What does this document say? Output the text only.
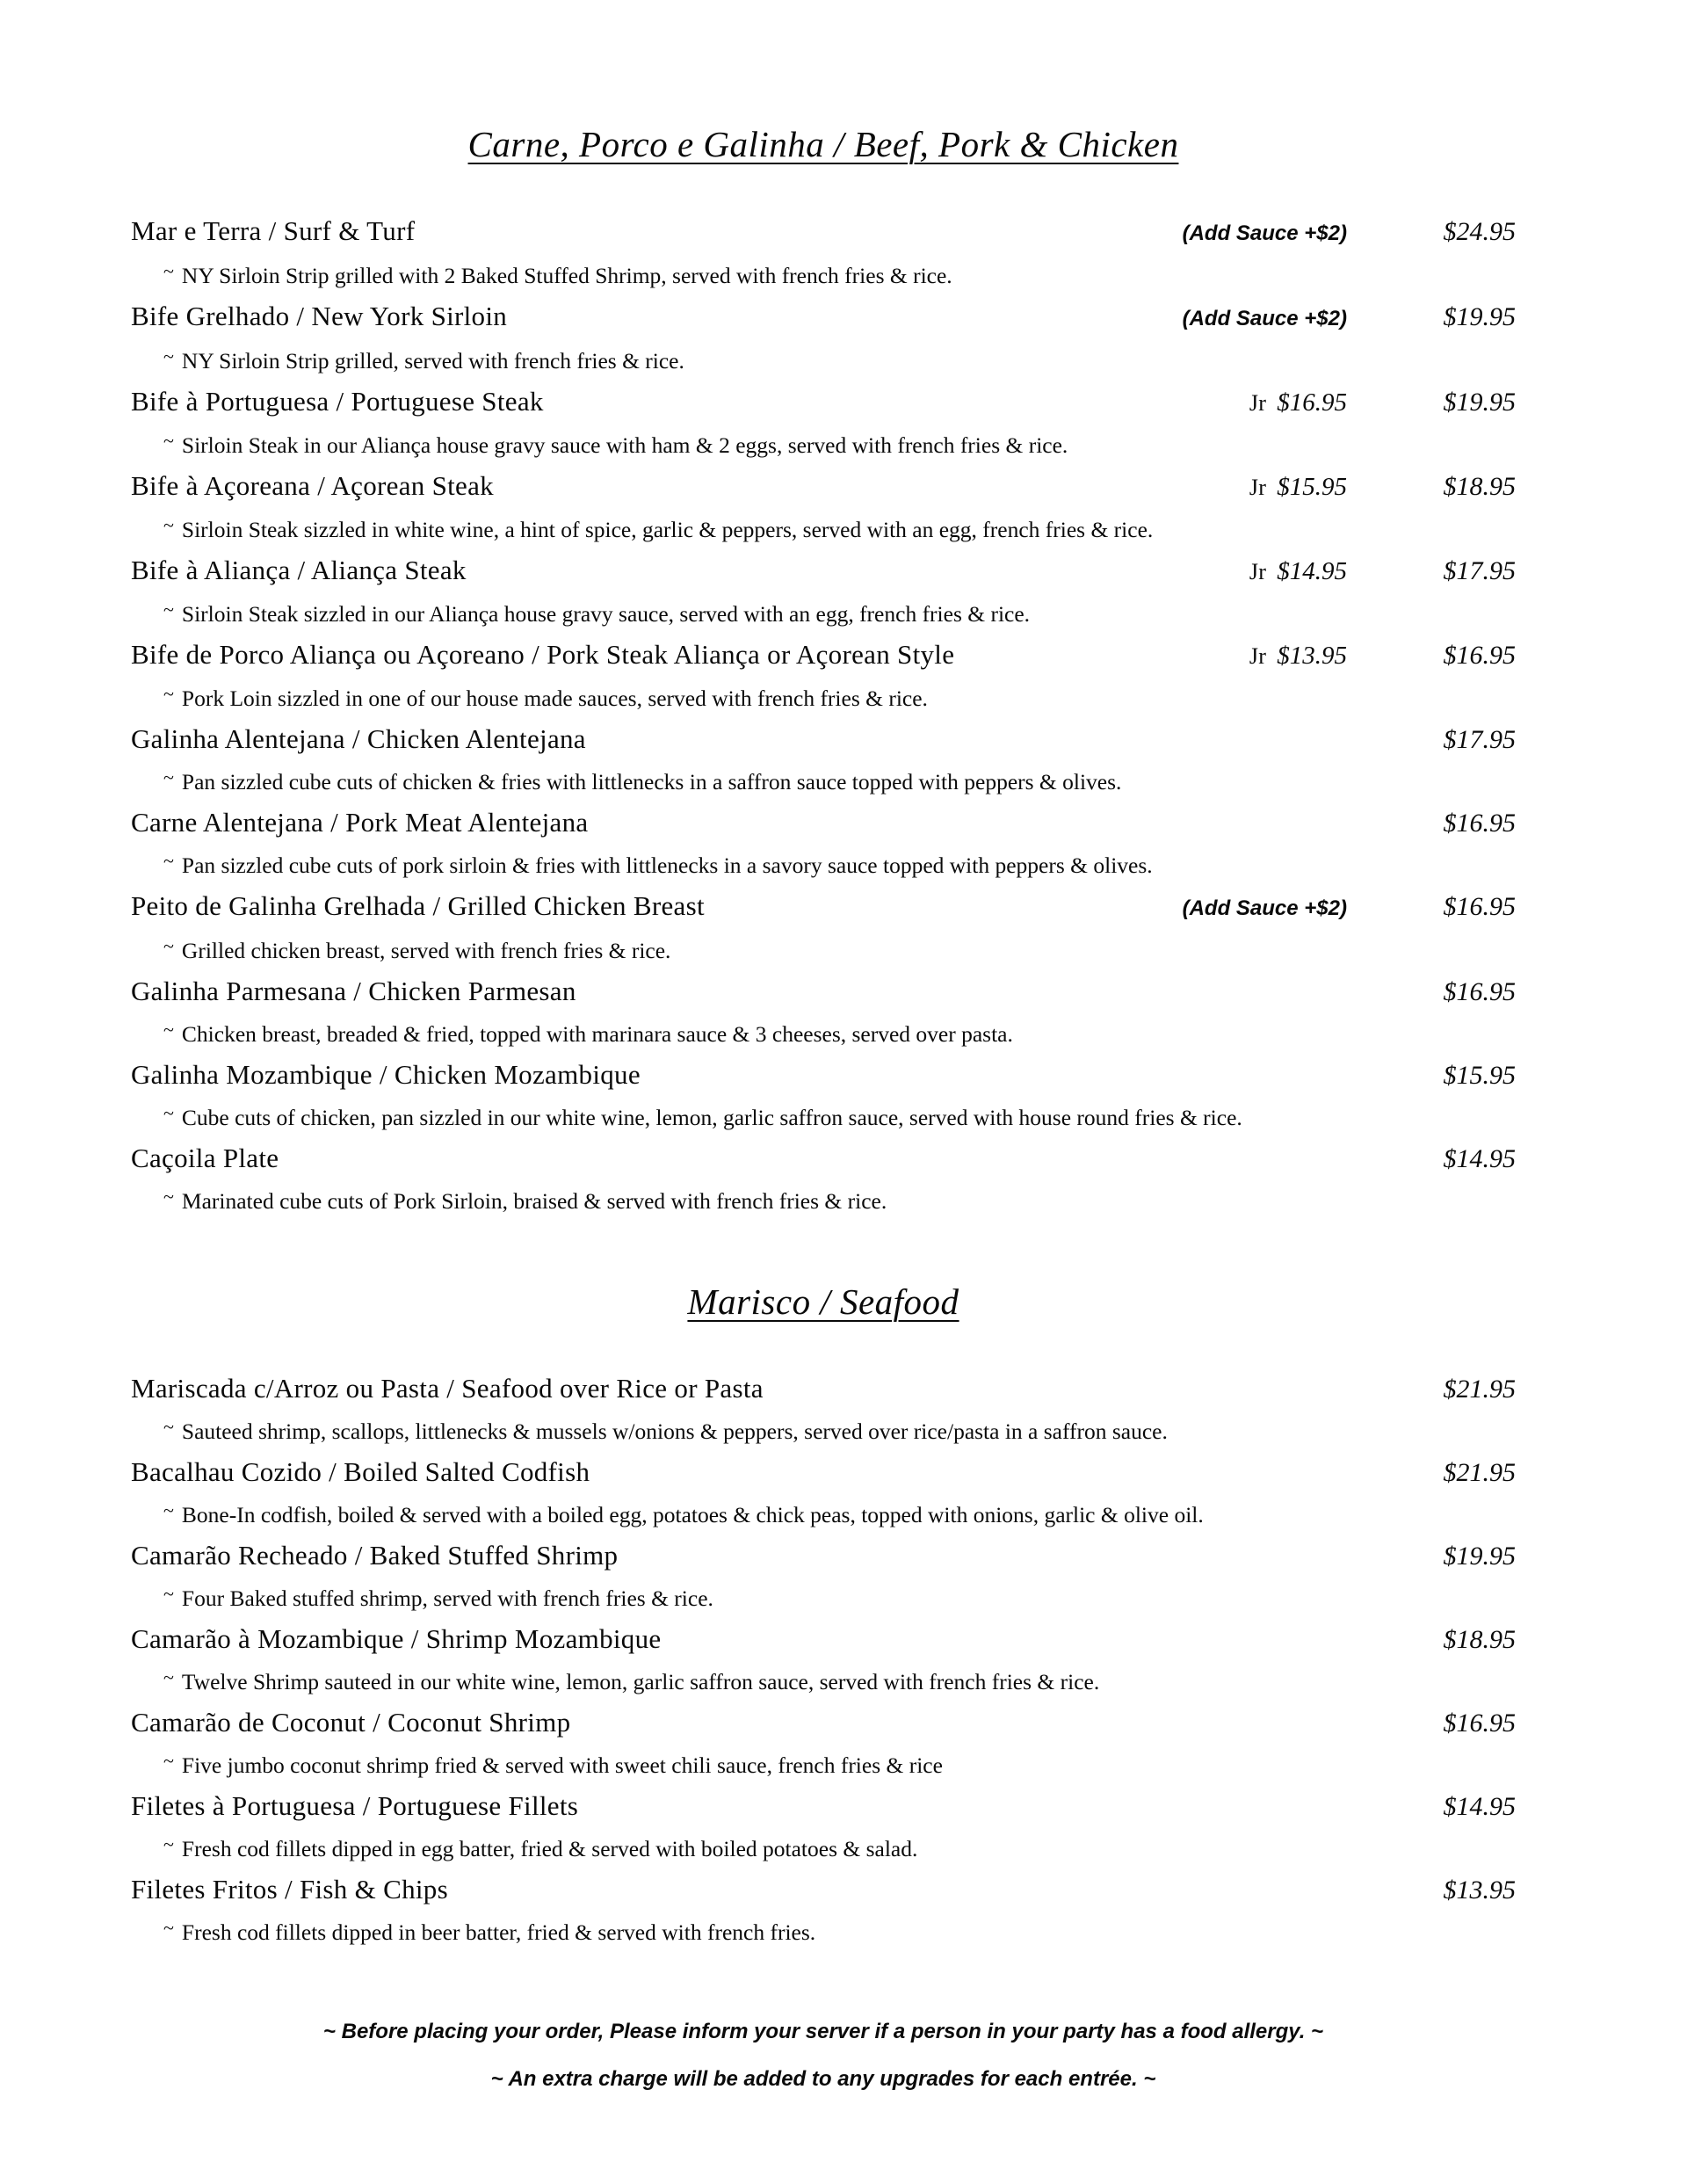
Carne, Porco e Galinha / Beef, Pork & Chicken
Mar e Terra / Surf & Turf	(Add Sauce +$2)	$24.95
~ NY Sirloin Strip grilled with 2 Baked Stuffed Shrimp, served with french fries & rice.
Bife Grelhado / New York Sirloin	(Add Sauce +$2)	$19.95
~ NY Sirloin Strip grilled, served with french fries & rice.
Bife à Portuguesa / Portuguese Steak	Jr $16.95	$19.95
~ Sirloin Steak in our Aliança house gravy sauce with ham & 2 eggs, served with french fries & rice.
Bife à Açoreana / Açorean Steak	Jr $15.95	$18.95
~ Sirloin Steak sizzled in white wine, a hint of spice, garlic & peppers, served with an egg, french fries & rice.
Bife à Aliança / Aliança Steak	Jr $14.95	$17.95
~ Sirloin Steak sizzled in our Aliança house gravy sauce, served with an egg, french fries & rice.
Bife de Porco Aliança ou Açoreano / Pork Steak Aliança or Açorean Style	Jr $13.95	$16.95
~ Pork Loin sizzled in one of our house made sauces, served with french fries & rice.
Galinha Alentejana / Chicken Alentejana	$17.95
~ Pan sizzled cube cuts of chicken & fries with littlenecks in a saffron sauce topped with peppers & olives.
Carne Alentejana / Pork Meat Alentejana	$16.95
~ Pan sizzled cube cuts of pork sirloin & fries with littlenecks in a savory sauce topped with peppers & olives.
Peito de Galinha Grelhada / Grilled Chicken Breast	(Add Sauce +$2)	$16.95
~ Grilled chicken breast, served with french fries & rice.
Galinha Parmesana / Chicken Parmesan	$16.95
~ Chicken breast, breaded & fried, topped with marinara sauce & 3 cheeses, served over pasta.
Galinha Mozambique / Chicken Mozambique	$15.95
~ Cube cuts of chicken, pan sizzled in our white wine, lemon, garlic saffron sauce, served with house round fries & rice.
Caçoila Plate	$14.95
~ Marinated cube cuts of Pork Sirloin, braised & served with french fries & rice.
Marisco / Seafood
Mariscada c/Arroz ou Pasta / Seafood over Rice or Pasta	$21.95
~ Sauteed shrimp, scallops, littlenecks & mussels w/onions & peppers, served over rice/pasta in a saffron sauce.
Bacalhau Cozido / Boiled Salted Codfish	$21.95
~ Bone-In codfish, boiled & served with a boiled egg, potatoes & chick peas, topped with onions, garlic & olive oil.
Camarão Recheado / Baked Stuffed Shrimp	$19.95
~ Four Baked stuffed shrimp, served with french fries & rice.
Camarão à Mozambique / Shrimp Mozambique	$18.95
~ Twelve Shrimp sauteed in our white wine, lemon, garlic saffron sauce, served with french fries & rice.
Camarão de Coconut / Coconut Shrimp	$16.95
~ Five jumbo coconut shrimp fried & served with sweet chili sauce, french fries & rice
Filetes à Portuguesa / Portuguese Fillets	$14.95
~ Fresh cod fillets dipped in egg batter, fried & served with boiled potatoes & salad.
Filetes Fritos / Fish & Chips	$13.95
~ Fresh cod fillets dipped in beer batter, fried & served with french fries.

~ Before placing your order, Please inform your server if a person in your party has a food allergy. ~

~ An extra charge will be added to any upgrades for each entrée. ~
